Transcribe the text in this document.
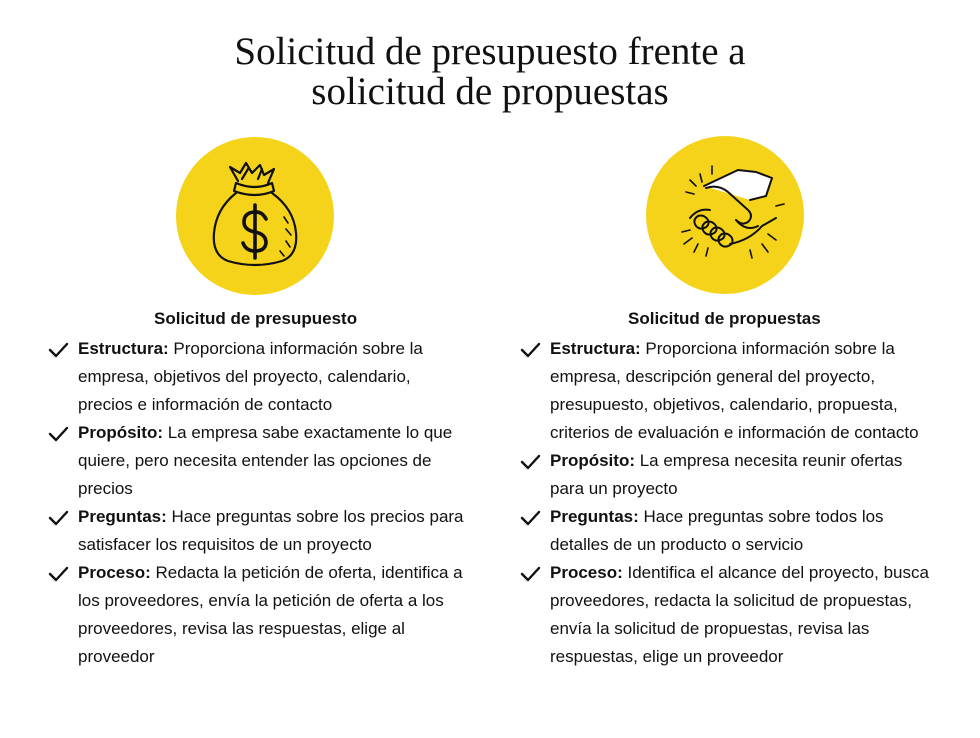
Solicitud de presupuesto frente a
solicitud de propuestas
Solicitud de presupuesto
Estructura: Proporciona información sobre la empresa, objetivos del proyecto, calendario, precios e información de contacto
Propósito: La empresa sabe exactamente lo que quiere, pero necesita entender las opciones de precios
Preguntas: Hace preguntas sobre los precios para satisfacer los requisitos de un proyecto
Proceso: Redacta la petición de oferta, identifica a los proveedores, envía la petición de oferta a los proveedores, revisa las respuestas, elige al proveedor
Solicitud de propuestas
Estructura: Proporciona información sobre la empresa, descripción general del proyecto, presupuesto, objetivos, calendario, propuesta, criterios de evaluación e información de contacto
Propósito: La empresa necesita reunir ofertas para un proyecto
Preguntas: Hace preguntas sobre todos los detalles de un producto o servicio
Proceso: Identifica el alcance del proyecto, busca proveedores, redacta la solicitud de propuestas, envía la solicitud de propuestas, revisa las respuestas, elige un proveedor
